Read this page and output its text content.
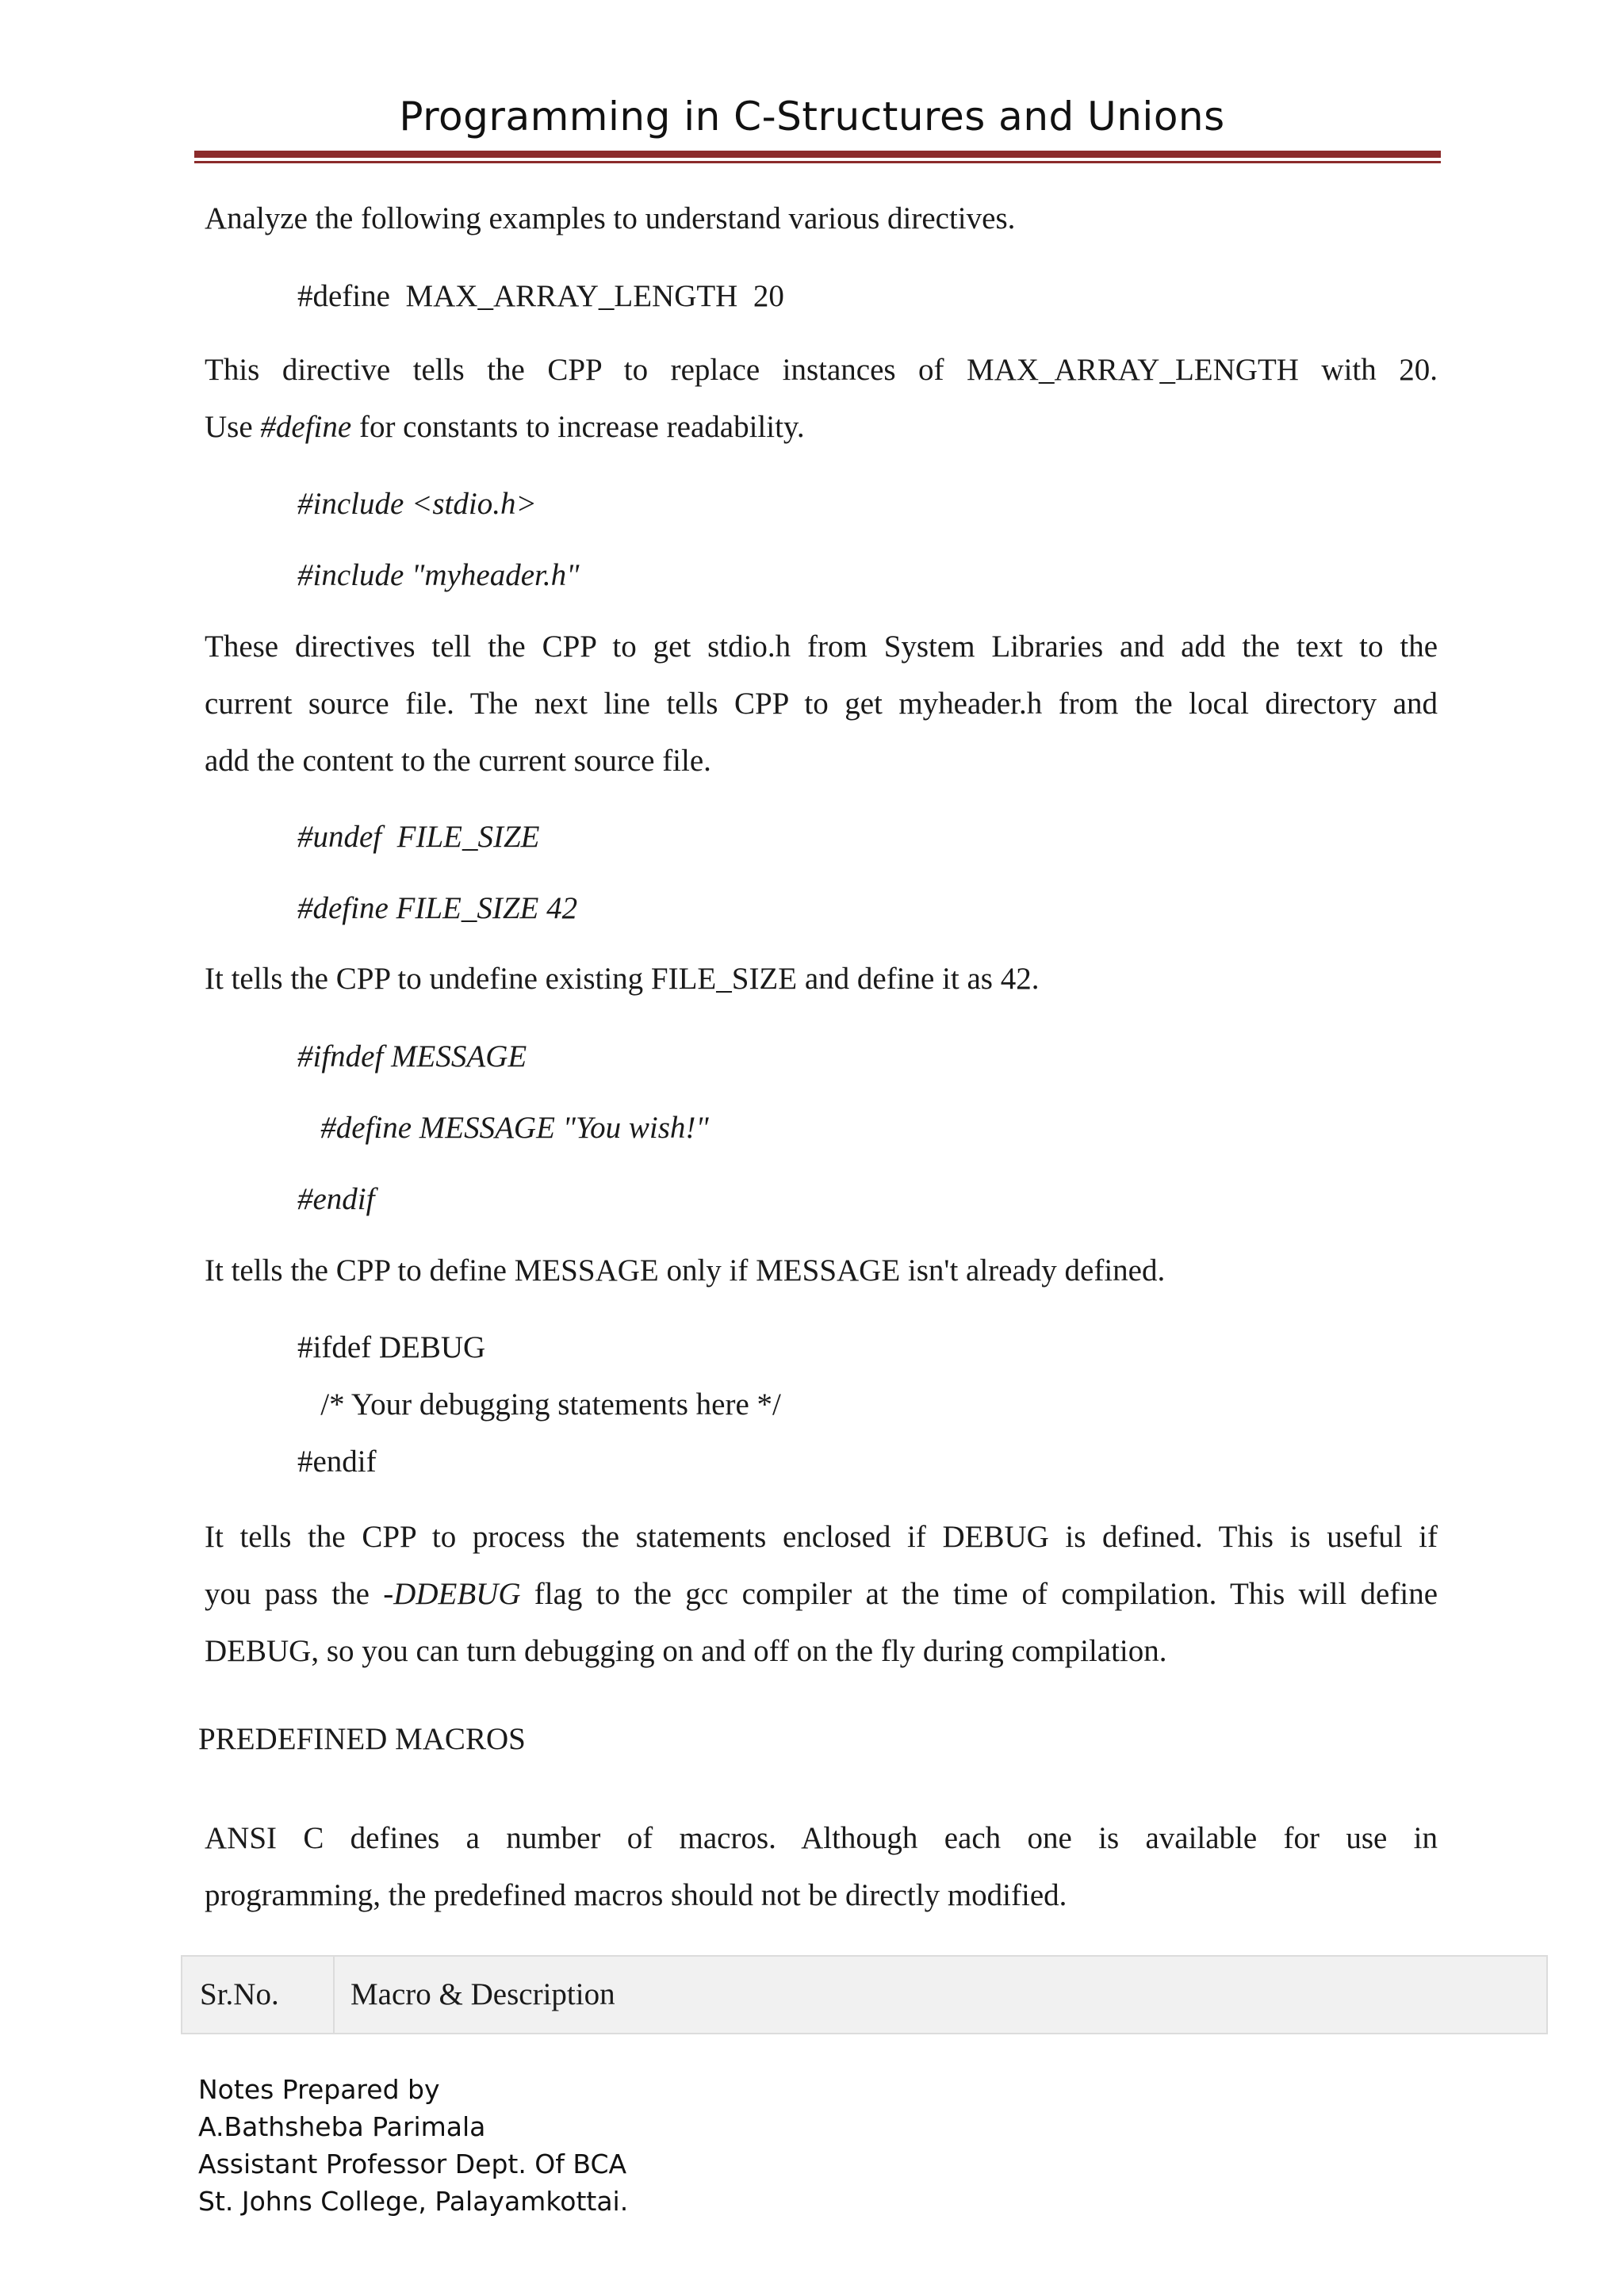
Programming in C-Structures and Unions
Analyze the following examples to understand various directives.
#define  MAX_ARRAY_LENGTH  20
This directive tells the CPP to replace instances of MAX_ARRAY_LENGTH with 20.
Use #define for constants to increase readability.
#include <stdio.h>
#include "myheader.h"
These directives tell the CPP to get stdio.h from System Libraries and add the text to the
current source file. The next line tells CPP to get myheader.h from the local directory and
add the content to the current source file.
#undef  FILE_SIZE
#define FILE_SIZE 42
It tells the CPP to undefine existing FILE_SIZE and define it as 42.
#ifndef MESSAGE
#define MESSAGE "You wish!"
#endif
It tells the CPP to define MESSAGE only if MESSAGE isn't already defined.
#ifdef DEBUG
/* Your debugging statements here */
#endif
It tells the CPP to process the statements enclosed if DEBUG is defined. This is useful if
you pass the -DDEBUG flag to the gcc compiler at the time of compilation. This will define
DEBUG, so you can turn debugging on and off on the fly during compilation.
PREDEFINED MACROS
ANSI C defines a number of macros. Although each one is available for use in
programming, the predefined macros should not be directly modified.
Sr.No. Macro & Description
Notes Prepared by
A.Bathsheba Parimala
Assistant Professor Dept. Of BCA
St. Johns College, Palayamkottai.
